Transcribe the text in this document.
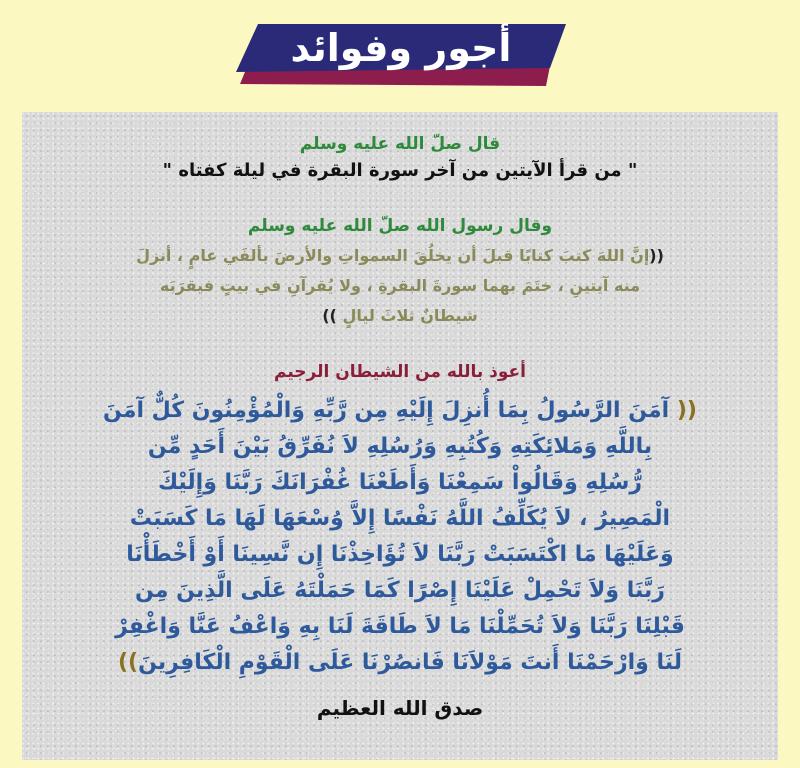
أجور وفوائد
قال صلّ الله عليه وسلم
" من قرأ الآيتين من آخر سورة البقرة في ليلة كفتاه "
وقال رسول الله صلّ الله عليه وسلم
((إنَّ اللهَ كتبَ كتابًا قبلَ أن يخلُقَ السمواتِ والأرضَ بألفَي عامٍ ، أنزلَ
منه آيتينِ ، ختَمَ بهما سورةَ البقرةِ ، ولا يُقرآنِ في بيتٍ فيقرَبَه
شيطانٌ ثلاثَ ليالٍ ))
أعوذ بالله من الشيطان الرجيم
(( آمَنَ الرَّسُولُ بِمَا أُنزِلَ إِلَيْهِ مِن رَّبِّهِ وَالْمُؤْمِنُونَ كُلٌّ آمَنَ
بِاللَّهِ وَمَلائِكَتِهِ وَكُتُبِهِ وَرُسُلِهِ لاَ نُفَرِّقُ بَيْنَ أَحَدٍ مِّن
رُّسُلِهِ وَقَالُواْ سَمِعْنَا وَأَطَعْنَا غُفْرَانَكَ رَبَّنَا وَإِلَيْكَ
الْمَصِيرُ ، لاَ يُكَلِّفُ اللَّهُ نَفْسًا إِلاَّ وُسْعَهَا لَهَا مَا كَسَبَتْ
وَعَلَيْهَا مَا اكْتَسَبَتْ رَبَّنَا لاَ تُؤَاخِذْنَا إِن نَّسِينَا أَوْ أَخْطَأْنَا
رَبَّنَا وَلاَ تَحْمِلْ عَلَيْنَا إِصْرًا كَمَا حَمَلْتَهُ عَلَى الَّذِينَ مِن
قَبْلِنَا رَبَّنَا وَلاَ تُحَمِّلْنَا مَا لاَ طَاقَةَ لَنَا بِهِ وَاعْفُ عَنَّا وَاغْفِرْ
لَنَا وَارْحَمْنَا أَنتَ مَوْلاَنَا فَانصُرْنَا عَلَى الْقَوْمِ الْكَافِرِينَ))
صدق الله العظيم
